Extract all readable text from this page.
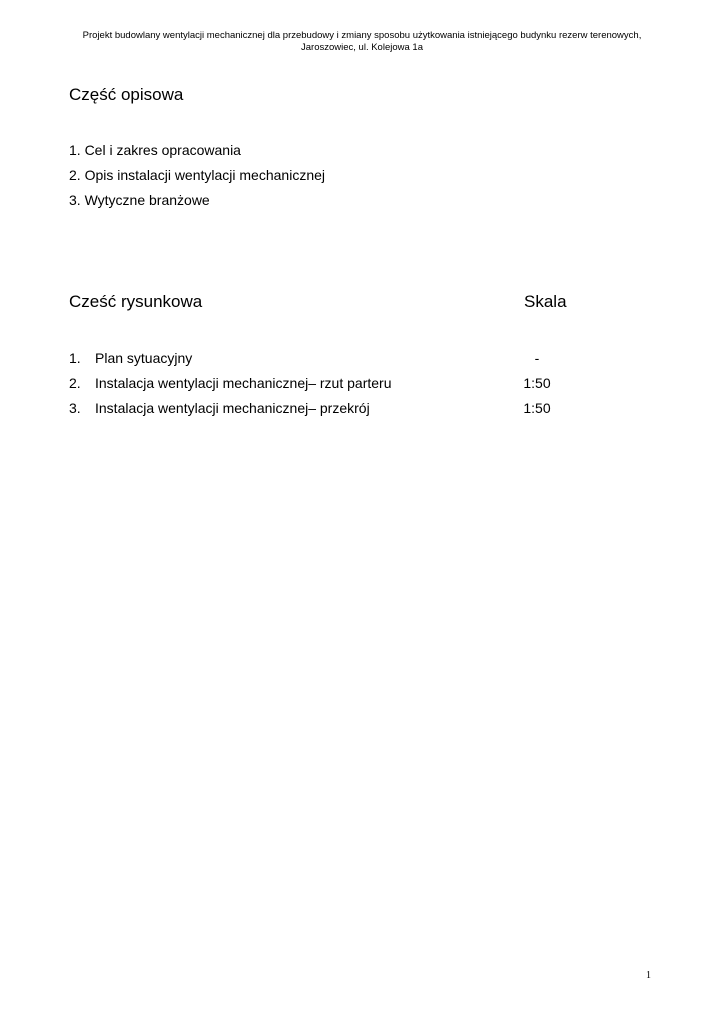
Projekt budowlany wentylacji mechanicznej dla przebudowy i zmiany sposobu użytkowania istniejącego budynku rezerw terenowych,
Jaroszowiec, ul. Kolejowa 1a
Część opisowa
1. Cel i zakres opracowania
2. Opis instalacji wentylacji mechanicznej
3. Wytyczne branżowe
Cześć rysunkowa	Skala
1. Plan sytuacyjny	-
2. Instalacja wentylacji mechanicznej– rzut parteru	1:50
3. Instalacja wentylacji mechanicznej– przekrój	1:50
1
